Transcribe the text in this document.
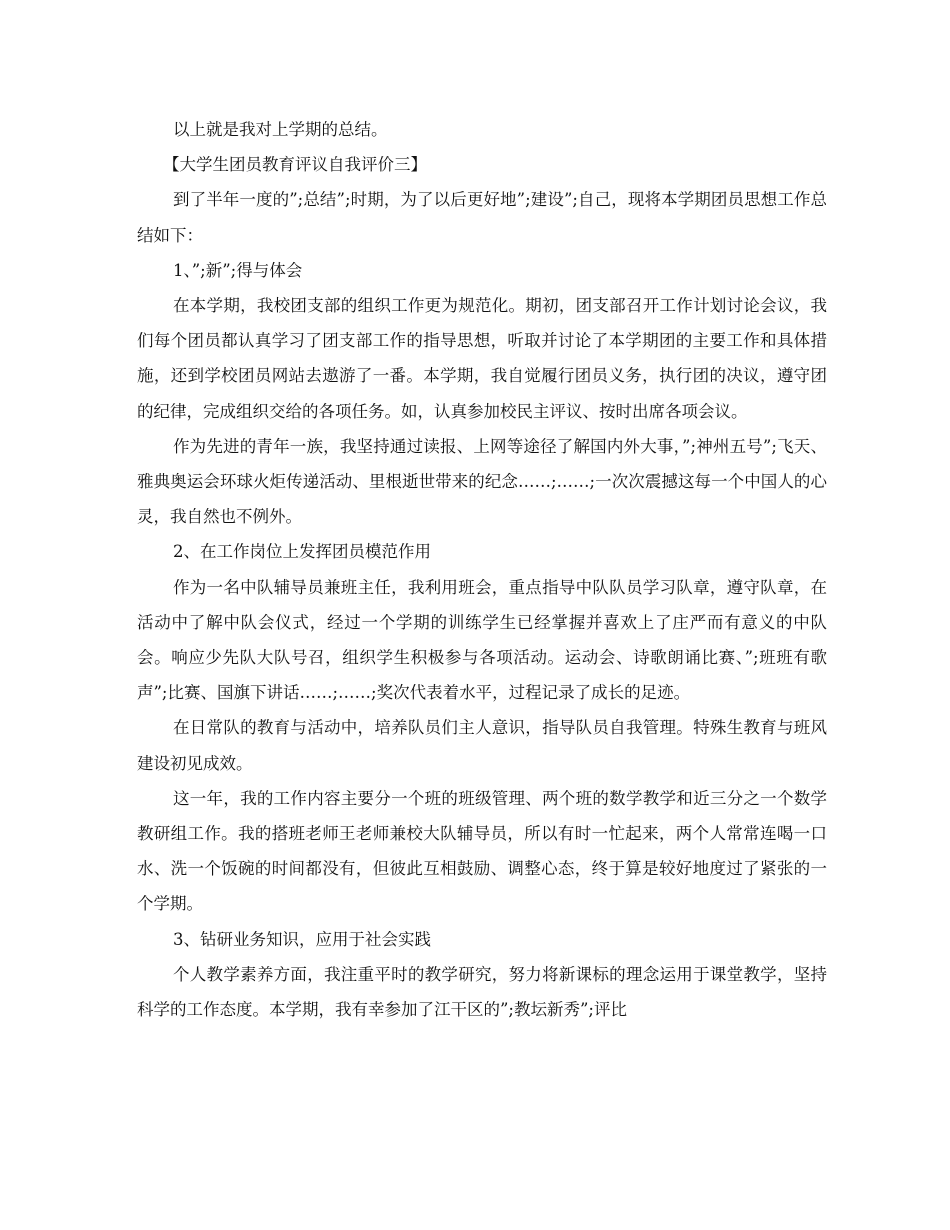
以上就是我对上学期的总结。

【大学生团员教育评议自我评价三】

到了半年一度的”;总结”;时期，为了以后更好地”;建设”;自己，现将本学期团员思想工作总结如下：

1、”;新”;得与体会

在本学期，我校团支部的组织工作更为规范化。期初，团支部召开工作计划讨论会议，我们每个团员都认真学习了团支部工作的指导思想，听取并讨论了本学期团的主要工作和具体措施，还到学校团员网站去遨游了一番。本学期，我自觉履行团员义务，执行团的决议，遵守团的纪律，完成组织交给的各项任务。如，认真参加校民主评议、按时出席各项会议。

作为先进的青年一族，我坚持通过读报、上网等途径了解国内外大事，”;神州五号”;飞天、雅典奥运会环球火炬传递活动、里根逝世带来的纪念……;……;一次次震撼这每一个中国人的心灵，我自然也不例外。

2、在工作岗位上发挥团员模范作用

作为一名中队辅导员兼班主任，我利用班会，重点指导中队队员学习队章，遵守队章，在活动中了解中队会仪式，经过一个学期的训练学生已经掌握并喜欢上了庄严而有意义的中队会。响应少先队大队号召，组织学生积极参与各项活动。运动会、诗歌朗诵比赛、”;班班有歌声”;比赛、国旗下讲话……;……;奖次代表着水平，过程记录了成长的足迹。

在日常队的教育与活动中，培养队员们主人意识，指导队员自我管理。特殊生教育与班风建设初见成效。

这一年，我的工作内容主要分一个班的班级管理、两个班的数学教学和近三分之一个数学教研组工作。我的搭班老师王老师兼校大队辅导员，所以有时一忙起来，两个人常常连喝一口水、洗一个饭碗的时间都没有，但彼此互相鼓励、调整心态，终于算是较好地度过了紧张的一个学期。

3、钻研业务知识，应用于社会实践

个人教学素养方面，我注重平时的教学研究，努力将新课标的理念运用于课堂教学，坚持科学的工作态度。本学期，我有幸参加了江干区的”;教坛新秀”;评比
